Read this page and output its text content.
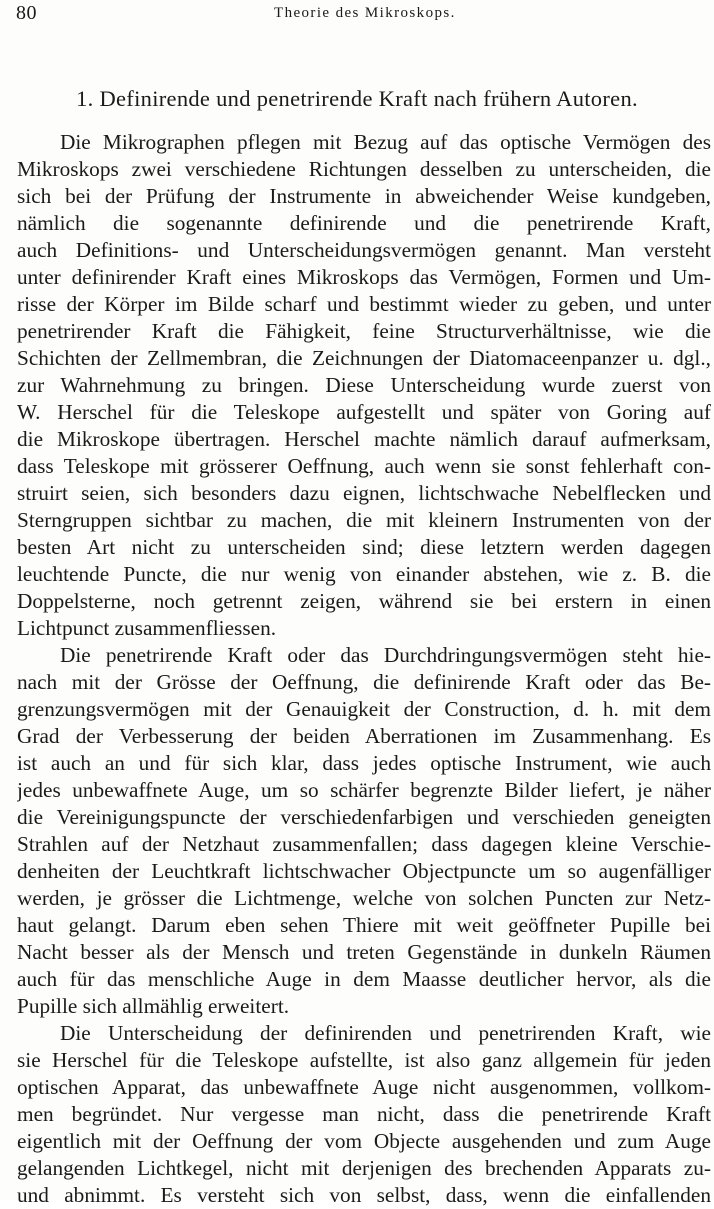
80	Theorie des Mikroskops.
1. Definirende und penetrirende Kraft nach frühern Autoren.
Die Mikrographen pflegen mit Bezug auf das optische Vermögen des
Mikroskops zwei verschiedene Richtungen desselben zu unterscheiden, die
sich bei der Prüfung der Instrumente in abweichender Weise kundgeben,
nämlich die sogenannte definirende und die penetrirende Kraft,
auch Definitions- und Unterscheidungsvermögen genannt. Man versteht
unter definirender Kraft eines Mikroskops das Vermögen, Formen und Um-
risse der Körper im Bilde scharf und bestimmt wieder zu geben, und unter
penetrirender Kraft die Fähigkeit, feine Structurverhältnisse, wie die
Schichten der Zellmembran, die Zeichnungen der Diatomaceenpanzer u. dgl.,
zur Wahrnehmung zu bringen. Diese Unterscheidung wurde zuerst von
W. Herschel für die Teleskope aufgestellt und später von Goring auf
die Mikroskope übertragen. Herschel machte nämlich darauf aufmerksam,
dass Teleskope mit grösserer Oeffnung, auch wenn sie sonst fehlerhaft con-
struirt seien, sich besonders dazu eignen, lichtschwache Nebelflecken und
Sterngruppen sichtbar zu machen, die mit kleinern Instrumenten von der
besten Art nicht zu unterscheiden sind; diese letztern werden dagegen
leuchtende Puncte, die nur wenig von einander abstehen, wie z. B. die
Doppelsterne, noch getrennt zeigen, während sie bei erstern in einen
Lichtpunct zusammenfliessen.
Die penetrirende Kraft oder das Durchdringungsvermögen steht hie-
nach mit der Grösse der Oeffnung, die definirende Kraft oder das Be-
grenzungsvermögen mit der Genauigkeit der Construction, d. h. mit dem
Grad der Verbesserung der beiden Aberrationen im Zusammenhang. Es
ist auch an und für sich klar, dass jedes optische Instrument, wie auch
jedes unbewaffnete Auge, um so schärfer begrenzte Bilder liefert, je näher
die Vereinigungspuncte der verschiedenfarbigen und verschieden geneigten
Strahlen auf der Netzhaut zusammenfallen; dass dagegen kleine Verschie-
denheiten der Leuchtkraft lichtschwacher Objectpuncte um so augenfälliger
werden, je grösser die Lichtmenge, welche von solchen Puncten zur Netz-
haut gelangt. Darum eben sehen Thiere mit weit geöffneter Pupille bei
Nacht besser als der Mensch und treten Gegenstände in dunkeln Räumen
auch für das menschliche Auge in dem Maasse deutlicher hervor, als die
Pupille sich allmählig erweitert.
Die Unterscheidung der definirenden und penetrirenden Kraft, wie
sie Herschel für die Teleskope aufstellte, ist also ganz allgemein für jeden
optischen Apparat, das unbewaffnete Auge nicht ausgenommen, vollkom-
men begründet. Nur vergesse man nicht, dass die penetrirende Kraft
eigentlich mit der Oeffnung der vom Objecte ausgehenden und zum Auge
gelangenden Lichtkegel, nicht mit derjenigen des brechenden Apparats zu-
und abnimmt. Es versteht sich von selbst, dass, wenn die einfallenden
